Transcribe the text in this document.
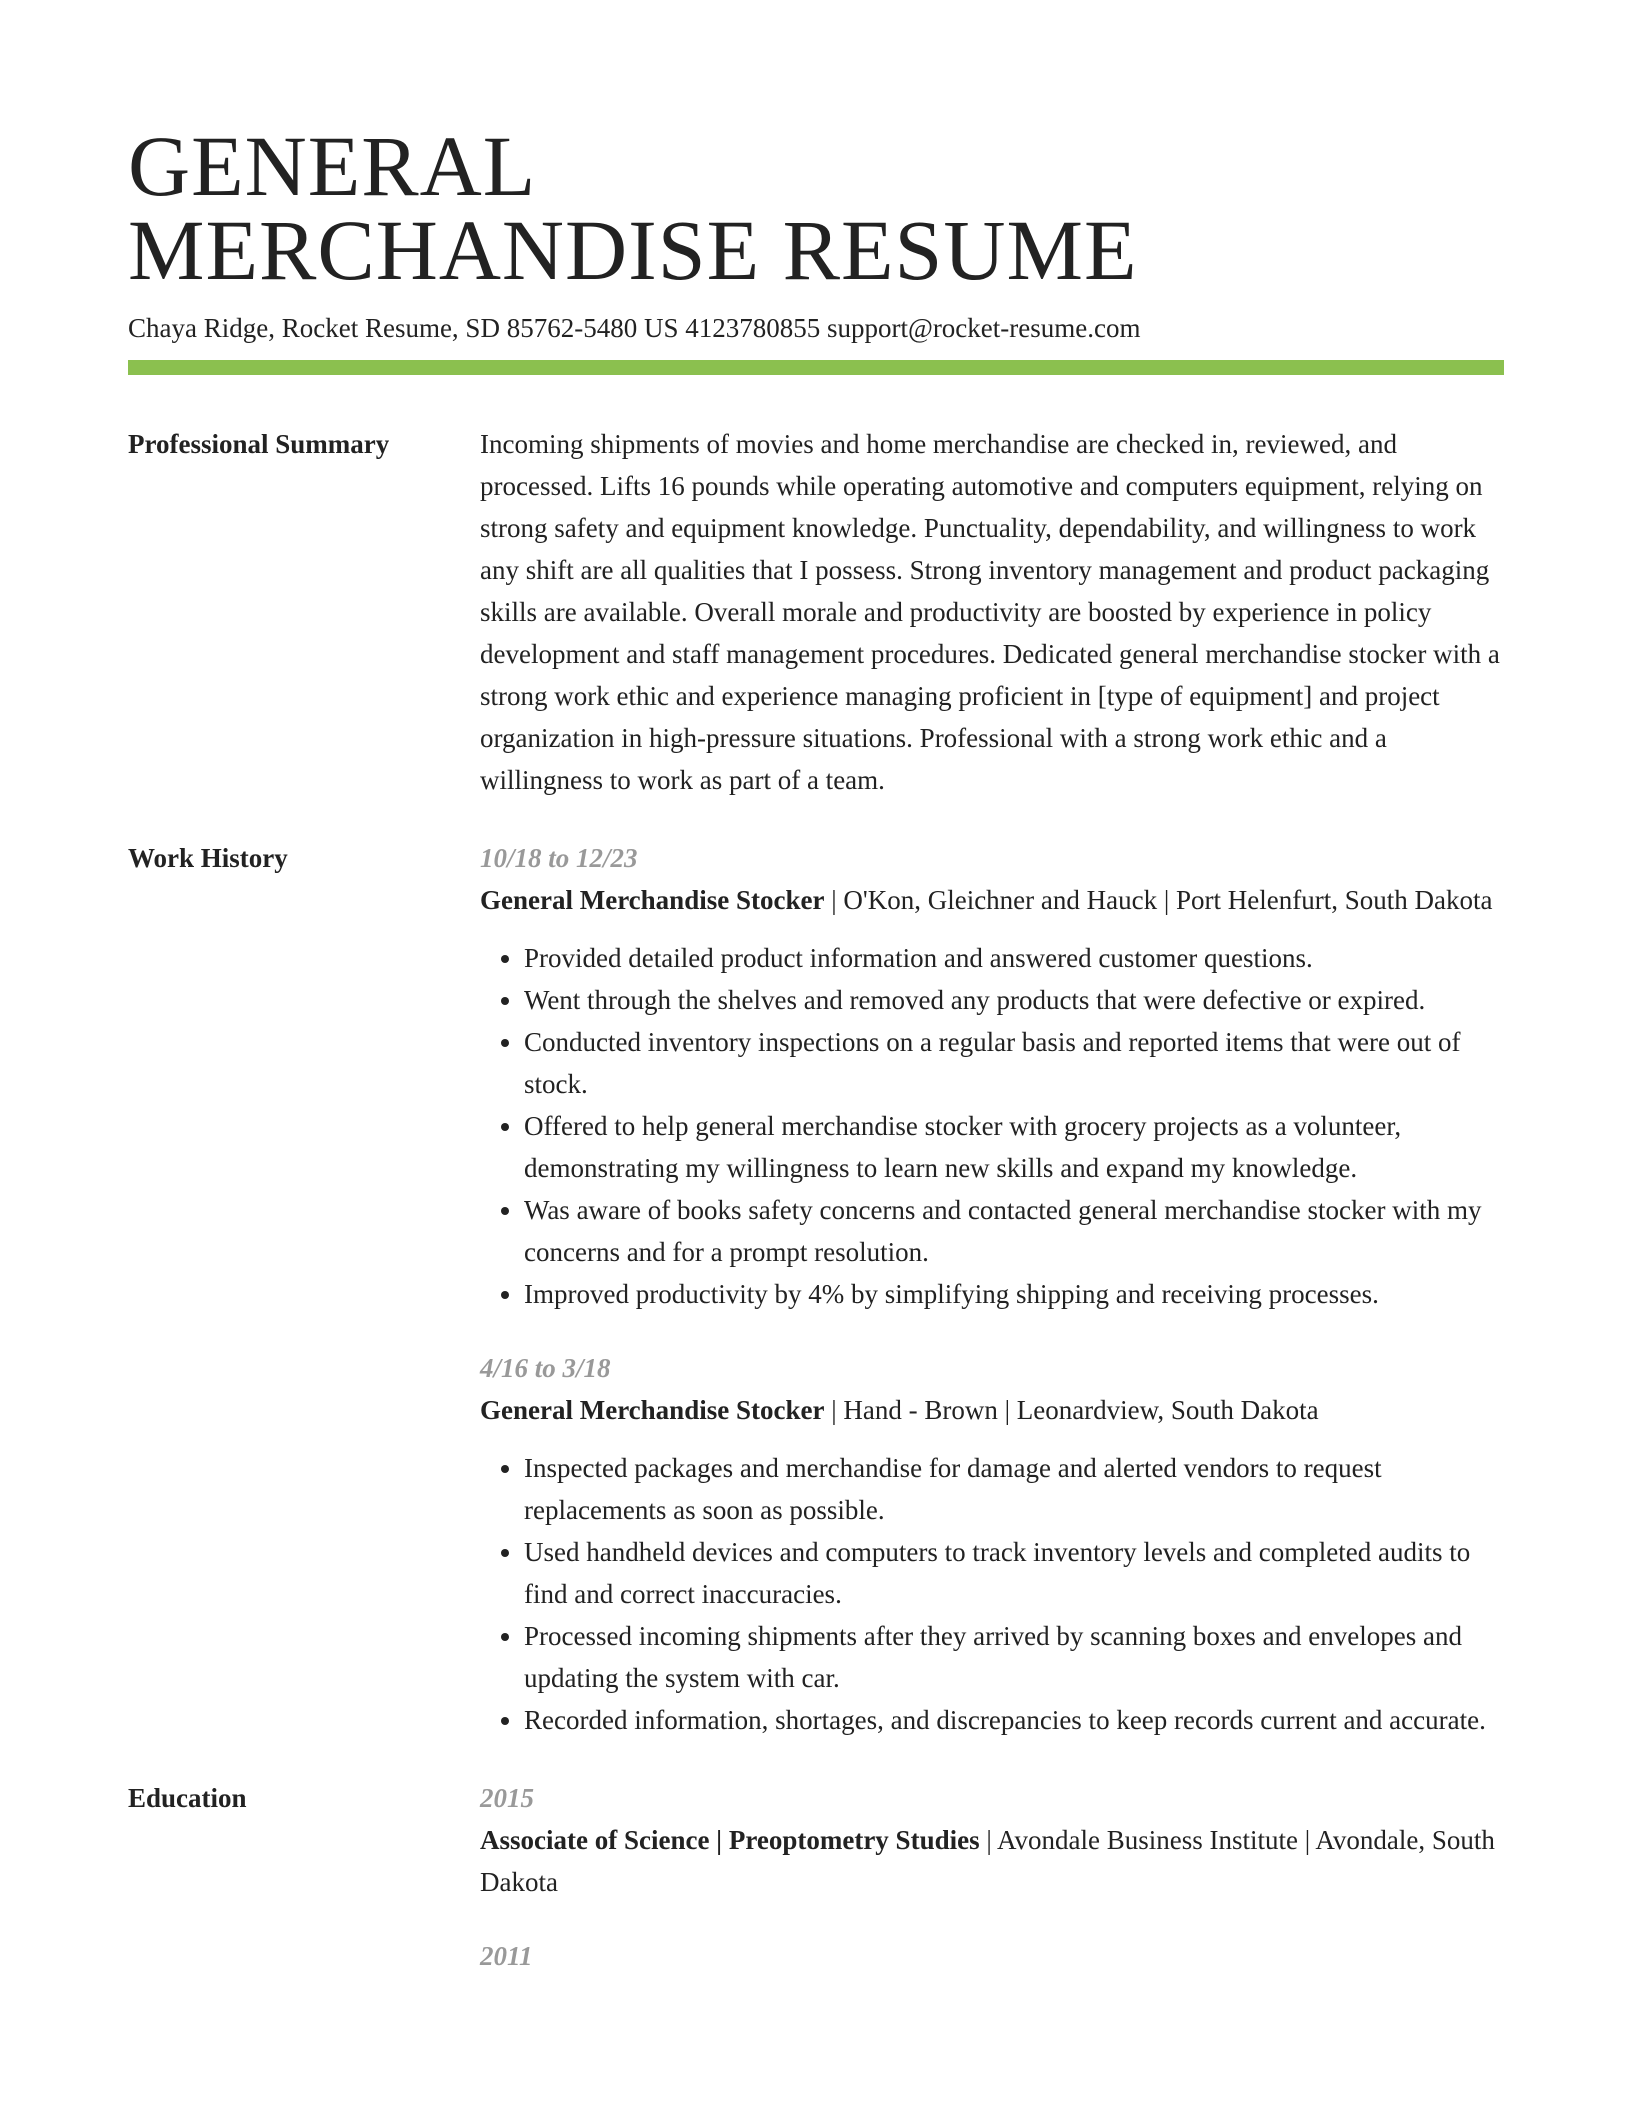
GENERAL
MERCHANDISE RESUME
Chaya Ridge, Rocket Resume, SD 85762-5480 US 4123780855 support@rocket-resume.com
Professional Summary	Incoming shipments of movies and home merchandise are checked in, reviewed, and processed. Lifts 16 pounds while operating automotive and computers equipment, relying on strong safety and equipment knowledge. Punctuality, dependability, and willingness to work any shift are all qualities that I possess. Strong inventory management and product packaging skills are available. Overall morale and productivity are boosted by experience in policy development and staff management procedures. Dedicated general merchandise stocker with a strong work ethic and experience managing proficient in [type of equipment] and project organization in high-pressure situations. Professional with a strong work ethic and a willingness to work as part of a team.

Work History	10/18 to 12/23
General Merchandise Stocker | O'Kon, Gleichner and Hauck | Port Helenfurt, South Dakota
• Provided detailed product information and answered customer questions.
• Went through the shelves and removed any products that were defective or expired.
• Conducted inventory inspections on a regular basis and reported items that were out of stock.
• Offered to help general merchandise stocker with grocery projects as a volunteer, demonstrating my willingness to learn new skills and expand my knowledge.
• Was aware of books safety concerns and contacted general merchandise stocker with my concerns and for a prompt resolution.
• Improved productivity by 4% by simplifying shipping and receiving processes.
4/16 to 3/18
General Merchandise Stocker | Hand - Brown | Leonardview, South Dakota
• Inspected packages and merchandise for damage and alerted vendors to request replacements as soon as possible.
• Used handheld devices and computers to track inventory levels and completed audits to find and correct inaccuracies.
• Processed incoming shipments after they arrived by scanning boxes and envelopes and updating the system with car.
• Recorded information, shortages, and discrepancies to keep records current and accurate.
Education	2015
Associate of Science | Preoptometry Studies | Avondale Business Institute | Avondale, South Dakota
2011
